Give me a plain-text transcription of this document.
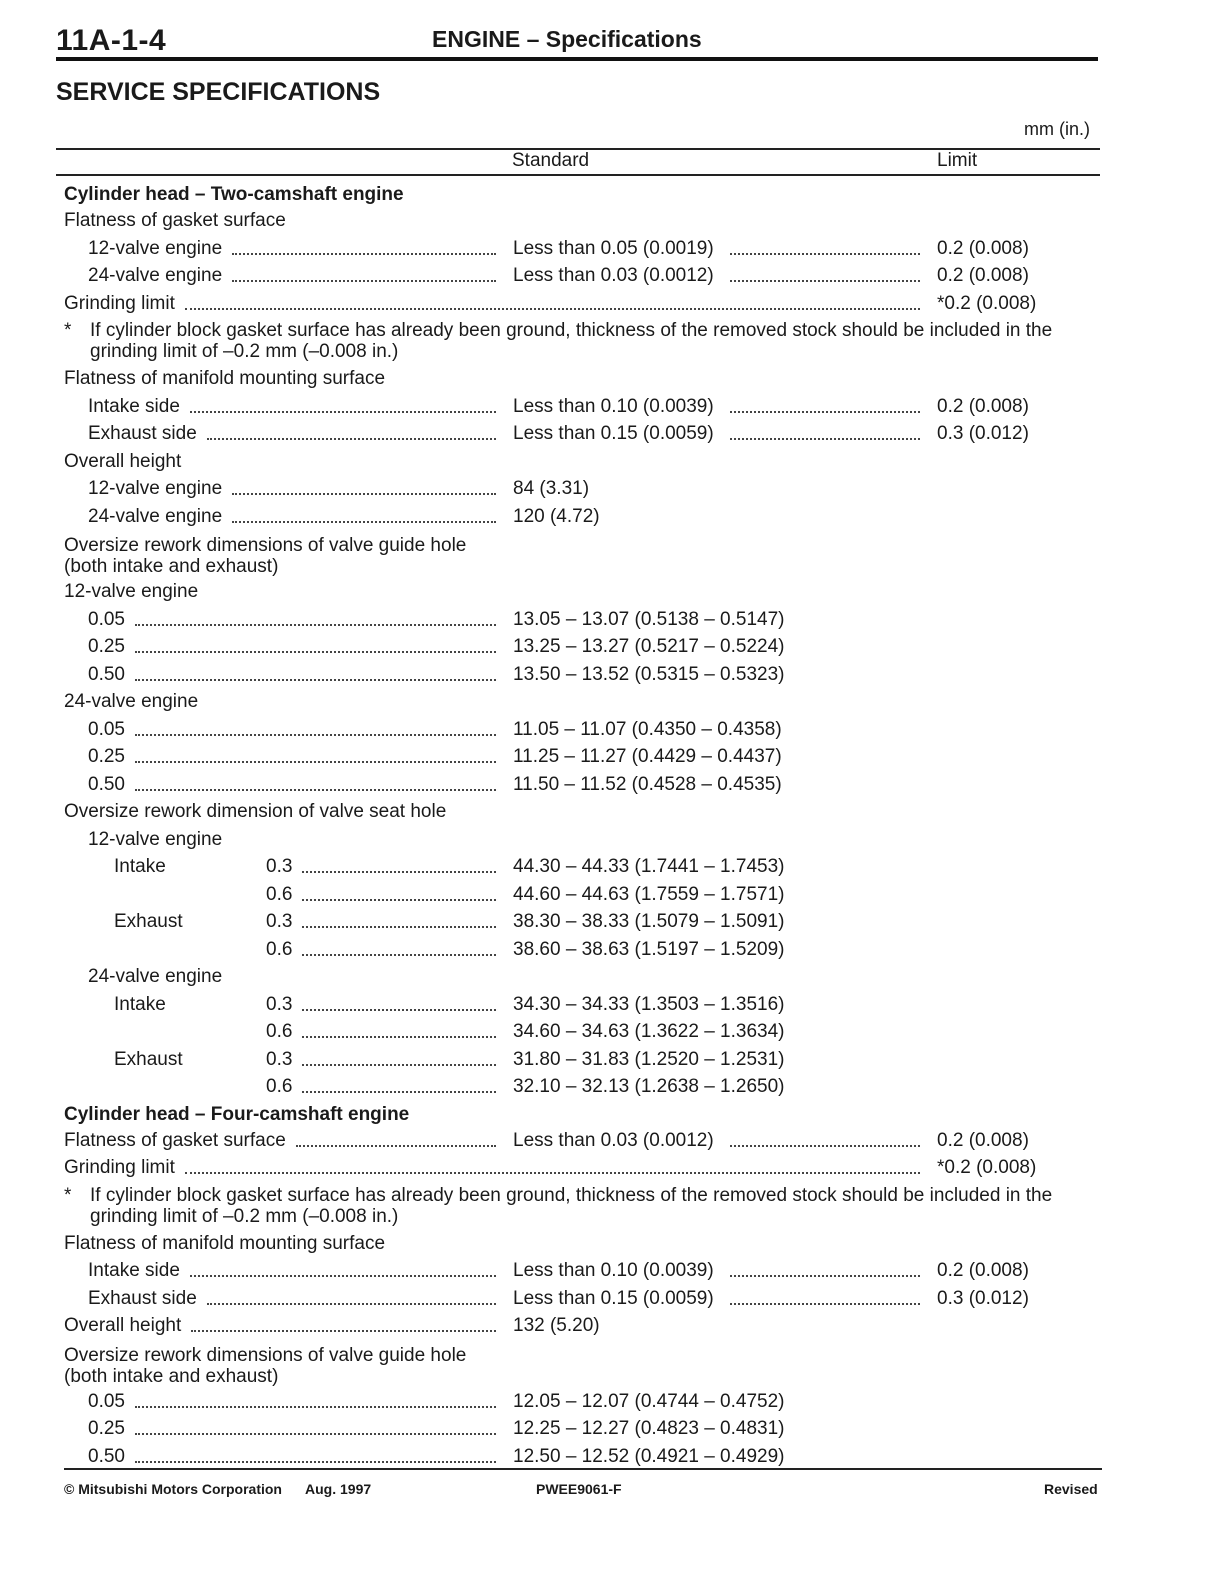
11A-1-4	ENGINE – Specifications
SERVICE SPECIFICATIONS
mm (in.)
Standard	Limit
Cylinder head – Two-camshaft engine
Flatness of gasket surface
12-valve engine	Less than 0.05 (0.0019)	0.2 (0.008)
24-valve engine	Less than 0.03 (0.0012)	0.2 (0.008)
Grinding limit	*0.2 (0.008)
* If cylinder block gasket surface has already been ground, thickness of the removed stock should be included in the grinding limit of –0.2 mm (–0.008 in.)
Flatness of manifold mounting surface
Intake side	Less than 0.10 (0.0039)	0.2 (0.008)
Exhaust side	Less than 0.15 (0.0059)	0.3 (0.012)
Overall height
12-valve engine	84 (3.31)
24-valve engine	120 (4.72)
Oversize rework dimensions of valve guide hole
(both intake and exhaust)
12-valve engine
0.05	13.05 – 13.07 (0.5138 – 0.5147)
0.25	13.25 – 13.27 (0.5217 – 0.5224)
0.50	13.50 – 13.52 (0.5315 – 0.5323)
24-valve engine
0.05	11.05 – 11.07 (0.4350 – 0.4358)
0.25	11.25 – 11.27 (0.4429 – 0.4437)
0.50	11.50 – 11.52 (0.4528 – 0.4535)
Oversize rework dimension of valve seat hole
12-valve engine
Intake	0.3	44.30 – 44.33 (1.7441 – 1.7453)
0.6	44.60 – 44.63 (1.7559 – 1.7571)
Exhaust	0.3	38.30 – 38.33 (1.5079 – 1.5091)
0.6	38.60 – 38.63 (1.5197 – 1.5209)
24-valve engine
Intake	0.3	34.30 – 34.33 (1.3503 – 1.3516)
0.6	34.60 – 34.63 (1.3622 – 1.3634)
Exhaust	0.3	31.80 – 31.83 (1.2520 – 1.2531)
0.6	32.10 – 32.13 (1.2638 – 1.2650)
Cylinder head – Four-camshaft engine
Flatness of gasket surface	Less than 0.03 (0.0012)	0.2 (0.008)
Grinding limit	*0.2 (0.008)
* If cylinder block gasket surface has already been ground, thickness of the removed stock should be included in the grinding limit of –0.2 mm (–0.008 in.)
Flatness of manifold mounting surface
Intake side	Less than 0.10 (0.0039)	0.2 (0.008)
Exhaust side	Less than 0.15 (0.0059)	0.3 (0.012)
Overall height	132 (5.20)
Oversize rework dimensions of valve guide hole
(both intake and exhaust)
0.05	12.05 – 12.07 (0.4744 – 0.4752)
0.25	12.25 – 12.27 (0.4823 – 0.4831)
0.50	12.50 – 12.52 (0.4921 – 0.4929)
© Mitsubishi Motors Corporation Aug. 1997	PWEE9061-F	Revised
